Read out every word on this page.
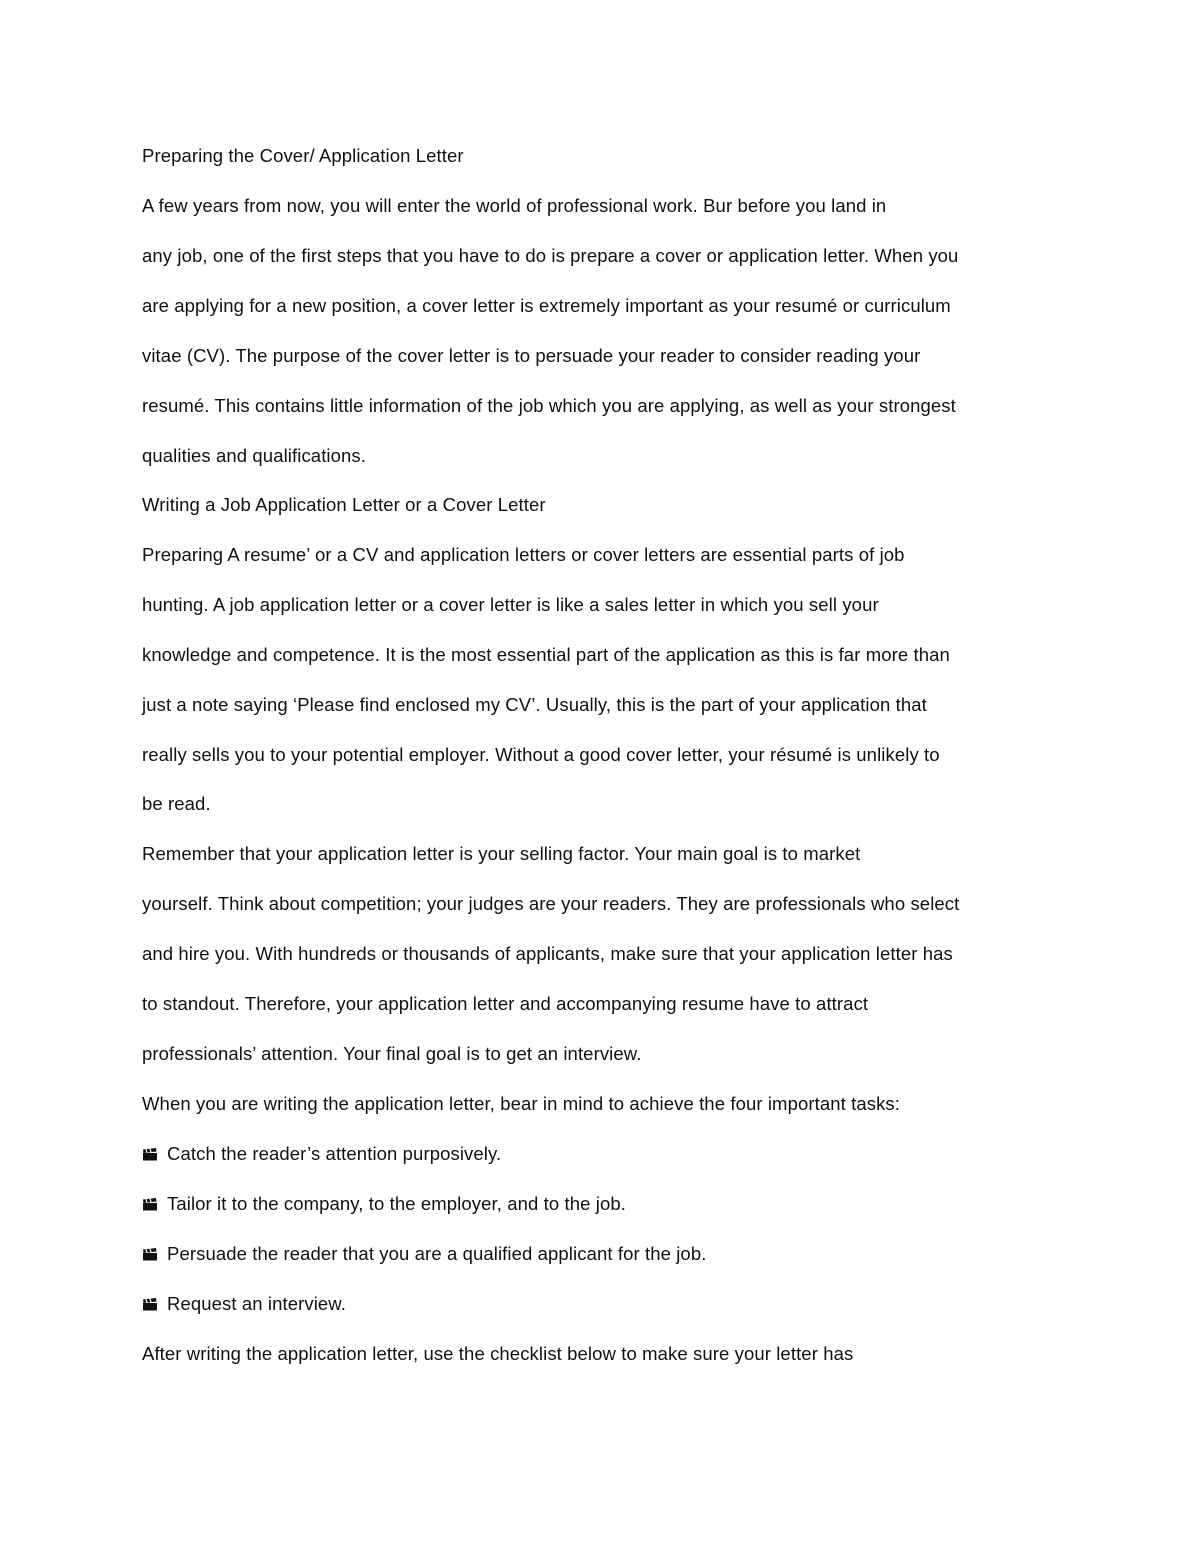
Preparing the Cover/ Application Letter
A few years from now, you will enter the world of professional work. Bur before you land in
any job, one of the first steps that you have to do is prepare a cover or application letter. When you
are applying for a new position, a cover letter is extremely important as your resumé or curriculum
vitae (CV). The purpose of the cover letter is to persuade your reader to consider reading your
resumé. This contains little information of the job which you are applying, as well as your strongest
qualities and qualifications.
Writing a Job Application Letter or a Cover Letter
Preparing A resume’ or a CV and application letters or cover letters are essential parts of job
hunting. A job application letter or a cover letter is like a sales letter in which you sell your
knowledge and competence. It is the most essential part of the application as this is far more than
just a note saying ‘Please find enclosed my CV’. Usually, this is the part of your application that
really sells you to your potential employer. Without a good cover letter, your résumé is unlikely to
be read.
Remember that your application letter is your selling factor. Your main goal is to market
yourself. Think about competition; your judges are your readers. They are professionals who select
and hire you. With hundreds or thousands of applicants, make sure that your application letter has
to standout. Therefore, your application letter and accompanying resume have to attract
professionals’ attention. Your final goal is to get an interview.
When you are writing the application letter, bear in mind to achieve the four important tasks:
Catch the reader’s attention purposively.
Tailor it to the company, to the employer, and to the job.
Persuade the reader that you are a qualified applicant for the job.
Request an interview.
After writing the application letter, use the checklist below to make sure your letter has
